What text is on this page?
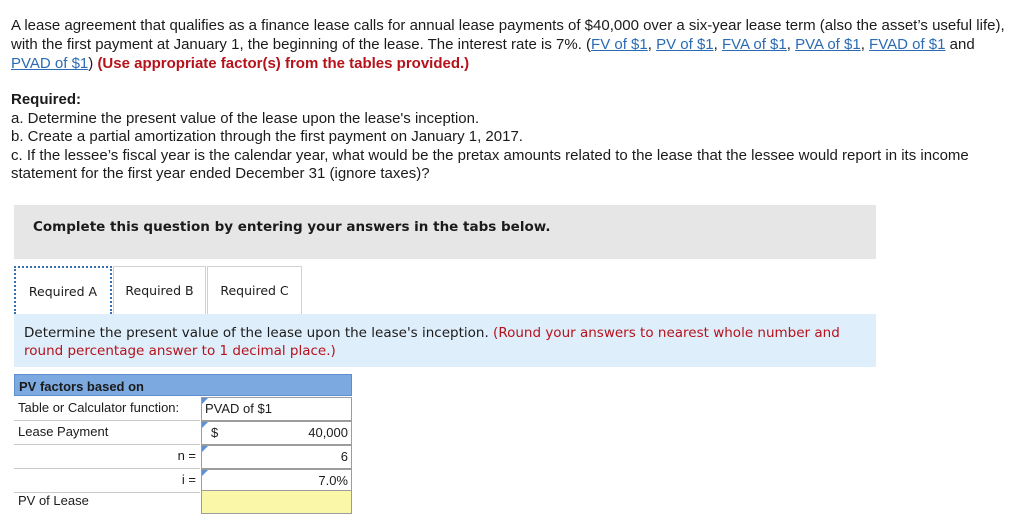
A lease agreement that qualifies as a finance lease calls for annual lease payments of $40,000 over a six-year lease term (also the asset’s useful life), with the first payment at January 1, the beginning of the lease. The interest rate is 7%. (FV of $1, PV of $1, FVA of $1, PVA of $1, FVAD of $1 and PVAD of $1) (Use appropriate factor(s) from the tables provided.)
Required:
a. Determine the present value of the lease upon the lease's inception.
b. Create a partial amortization through the first payment on January 1, 2017.
c. If the lessee’s fiscal year is the calendar year, what would be the pretax amounts related to the lease that the lessee would report in its income statement for the first year ended December 31 (ignore taxes)?
Complete this question by entering your answers in the tabs below.
Required A	Required B	Required C
Determine the present value of the lease upon the lease's inception. (Round your answers to nearest whole number and round percentage answer to 1 decimal place.)
PV factors based on
Table or Calculator function:	PVAD of $1
Lease Payment	$	40,000
n =	6
i =	7.0%
PV of Lease
